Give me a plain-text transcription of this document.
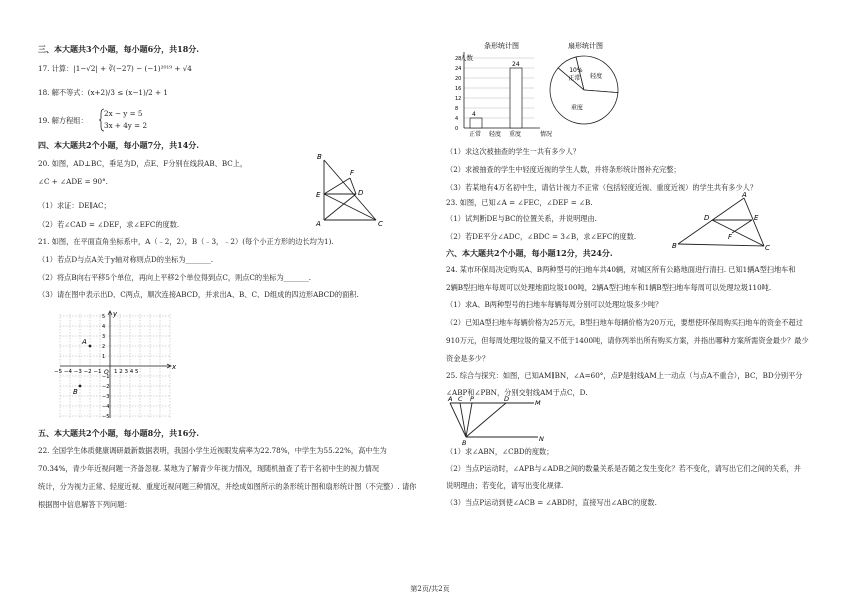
三、本大题共3个小题，每小题6分，共18分.
17. 计算：|1−√2| + ∛(−27) − (−1)²⁰¹⁹ + √4
18. 解不等式：(x+2)/3 ≤ (x−1)/2 + 1
19. 解方程组：
2x − y = 5
3x + 4y = 2
四、本大题共2个小题，每小题7分，共14分.
20. 如图，AD⊥BC，垂足为D，点E、F分别在线段AB、BC上，
∠C + ∠ADE = 90°.
（1）求证：DE∥AC；
（2）若∠CAD = ∠DEF，求∠EFC的度数.
B
F
E	D
A	C
21. 如图，在平面直角坐标系中，A（﹣2，2），B（﹣3，﹣2）(每个小正方形的边长均为1).
（1）若点D与点A关于y轴对称则点D的坐标为_______.
（2）将点B向右平移5个单位，再向上平移2个单位得到点C，则点C的坐标为_______.
（3）请在图中表示出D、C两点，顺次连接ABCD，并求出A、B、C、D组成的四边形ABCD的面积.
x
y
O
−5 −4 −3 −2 −1 1 2 3 4 5
A
B
5
4
3
2
1
−1
−2
−3
−4
−5
五、本大题共2个小题，每小题8分，共16分.
22. 全国学生体质健康调研最新数据表明，我国小学生近视眼发病率为22.78%，中学生为55.22%，高中生为
70.34%，青少年近视问题一齐备忽视. 某地为了解青少年视力情况，现随机抽查了若干名初中生的视力情况
统计，分为视力正常、轻度近视、重度近视问题三种情况，并绘成如图所示的条形统计图和扇形统计图（不完整）. 请你
根据图中信息解答下列问题：
条形统计图
人数
情况
0
4
8
12
16
20
24
28
正常 轻度 重度
4
24
扇形统计图
10%
正常 轻度
重度
（1）求这次被抽查的学生一共有多少人？
（2）求被抽查的学生中轻度近视的学生人数，并将条形统计图补充完整；
（3）若某地有4万名初中生，请估计视力不正常（包括轻度近视、重度近视）的学生共有多少人？
23. 如图，已知∠A = ∠FEC，∠DEF = ∠B.
（1）试判断DE与BC的位置关系，并说明理由.
（2）若DE平分∠ADC，∠BDC = 3∠B，求∠EFC的度数.
A
D	E
F
B	C
六、本大题共2个小题，每小题12分，共24分.
24. 某市环保局决定购买A、B两种型号的扫地车共40辆，对城区所有公路地面进行清扫. 已知1辆A型扫地车和
2辆B型扫地车每周可以处理地面垃圾100吨，2辆A型扫地车和1辆B型扫地车每周可以处理垃圾110吨.
（1）求A、B两种型号的扫地车每辆每周分别可以处理垃圾多少吨？
（2）已知A型扫地车每辆价格为25万元，B型扫地车每辆价格为20万元，要想使环保局购买扫地车的资金不超过
910万元，但每周处理垃圾的量又不低于1400吨，请你列举出所有购买方案，并指出哪种方案所需资金最少？最少
资金是多少？
25. 综合与探究：如图，已知AM∥BN，∠A=60°，点P是射线AM上一动点（与点A不重合），BC，BD分别平分
∠ABP和∠PBN，分别交射线AM于点C，D.
A C P	D	M
B	N
（1）求∠ABN，∠CBD的度数；
（2）当点P运动时，∠APB与∠ADB之间的数量关系是否随之发生变化？若不变化，请写出它们之间的关系，并
说明理由；若变化，请写出变化规律.
（3）当点P运动到使∠ACB = ∠ABD时，直接写出∠ABC的度数.
第2页/共2页
